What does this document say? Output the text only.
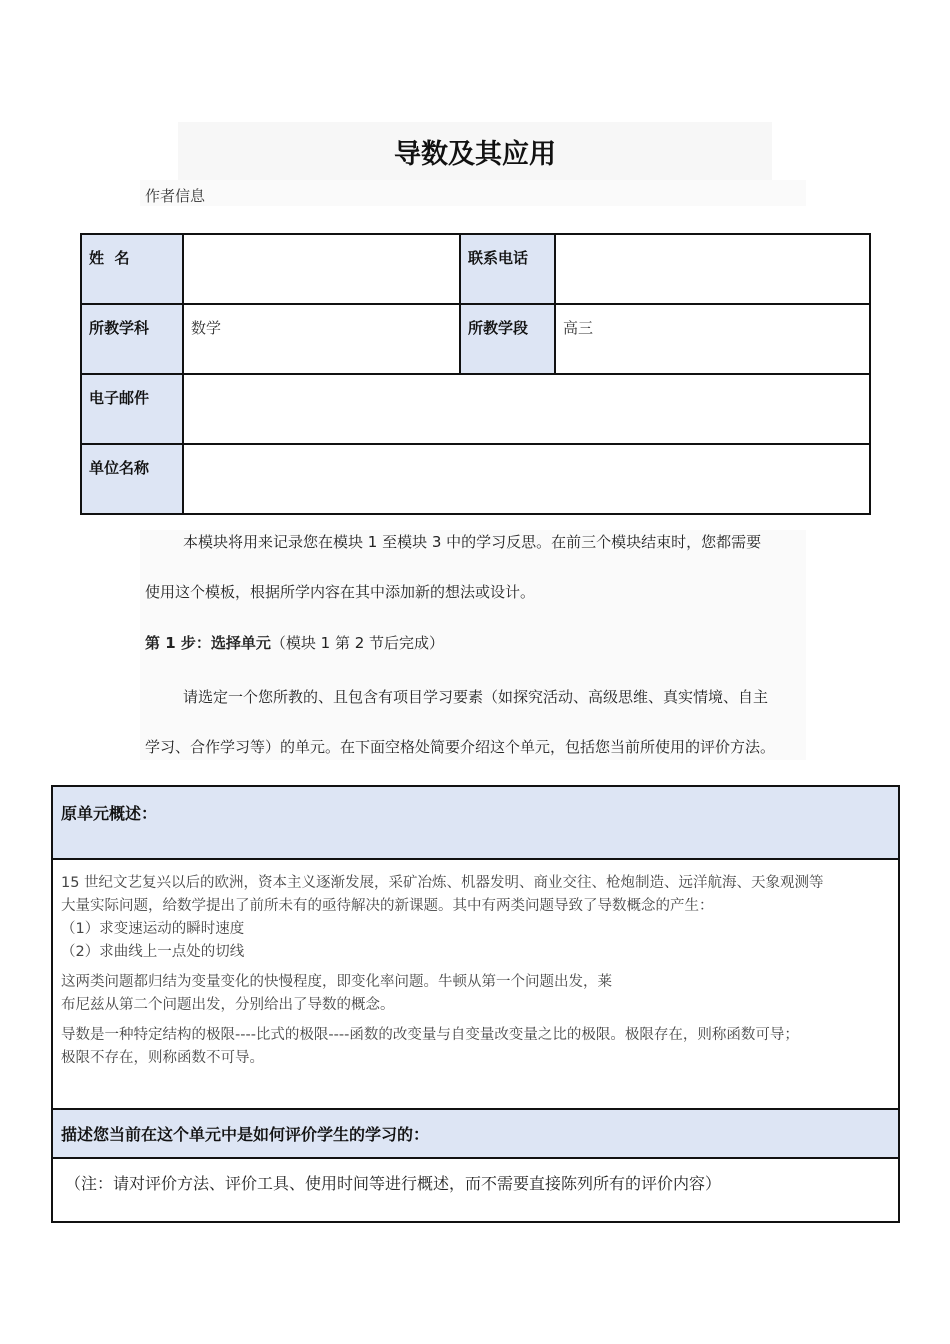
导数及其应用
作者信息
姓  名		联系电话	
所教学科	数学	所教学段	高三
电子邮件			
单位名称			
本模块将用来记录您在模块 1 至模块 3 中的学习反思。在前三个模块结束时，您都需要
使用这个模板，根据所学内容在其中添加新的想法或设计。
第 1 步：选择单元（模块 1 第 2 节后完成）
请选定一个您所教的、且包含有项目学习要素（如探究活动、高级思维、真实情境、自主
学习、合作学习等）的单元。在下面空格处简要介绍这个单元，包括您当前所使用的评价方法。
原单元概述：

15 世纪文艺复兴以后的欧洲，资本主义逐渐发展，采矿冶炼、机器发明、商业交往、枪炮制造、远洋航海、天象观测等
大量实际问题，给数学提出了前所未有的亟待解决的新课题。其中有两类问题导致了导数概念的产生：
（1）求变速运动的瞬时速度
（2）求曲线上一点处的切线

这两类问题都归结为变量变化的快慢程度，即变化率问题。牛顿从第一个问题出发，莱
布尼兹从第二个问题出发，分别给出了导数的概念。

导数是一种特定结构的极限----比式的极限----函数的改变量与自变量改变量之比的极限。极限存在，则称函数可导；
极限不存在，则称函数不可导。

描述您当前在这个单元中是如何评价学生的学习的：
（注：请对评价方法、评价工具、使用时间等进行概述，而不需要直接陈列所有的评价内容）
